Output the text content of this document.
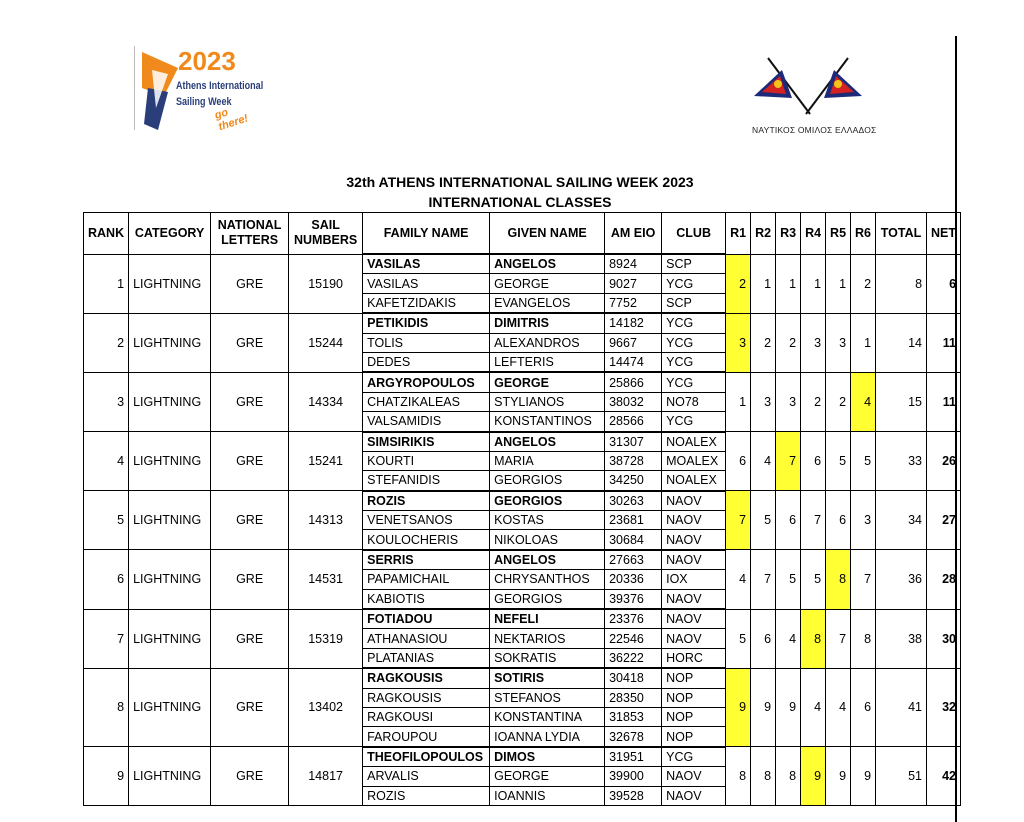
2023
Athens International
Sailing Week
go there!	ΝΑΥΤΙΚΟΣ ΟΜΙΛΟΣ ΕΛΛΑΔΟΣ
32th ATHENS INTERNATIONAL SAILING WEEK 2023
INTERNATIONAL CLASSES
RANK	CATEGORY	NATIONAL LETTERS	SAIL NUMBERS	FAMILY NAME	GIVEN NAME	AM EIO	CLUB	R1	R2	R3	R4	R5	R6	TOTAL	NET
1	LIGHTNING	GRE	15190	VASILAS	ANGELOS	8924	SCP	2	1	1	1	1	2	8	6
				VASILAS	GEORGE	9027	YCG								
				KAFETZIDAKIS	EVANGELOS	7752	SCP								
2	LIGHTNING	GRE	15244	PETIKIDIS	DIMITRIS	14182	YCG	3	2	2	3	3	1	14	11
				TOLIS	ALEXANDROS	9667	YCG								
				DEDES	LEFTERIS	14474	YCG								
3	LIGHTNING	GRE	14334	ARGYROPOULOS	GEORGE	25866	YCG	1	3	3	2	2	4	15	11
				CHATZIKALEAS	STYLIANOS	38032	NO78								
				VALSAMIDIS	KONSTANTINOS	28566	YCG								
4	LIGHTNING	GRE	15241	SIMSIRIKIS	ANGELOS	31307	NOALEX	6	4	7	6	5	5	33	26
				KOURTI	MARIA	38728	MOALEX								
				STEFANIDIS	GEORGIOS	34250	NOALEX								
5	LIGHTNING	GRE	14313	ROZIS	GEORGIOS	30263	NAOV	7	5	6	7	6	3	34	27
				VENETSANOS	KOSTAS	23681	NAOV								
				KOULOCHERIS	NIKOLOAS	30684	NAOV								
6	LIGHTNING	GRE	14531	SERRIS	ANGELOS	27663	NAOV	4	7	5	5	8	7	36	28
				PAPAMICHAIL	CHRYSANTHOS	20336	IOX								
				KABIOTIS	GEORGIOS	39376	NAOV								
7	LIGHTNING	GRE	15319	FOTIADOU	NEFELI	23376	NAOV	5	6	4	8	7	8	38	30
				ATHANASIOU	NEKTARIOS	22546	NAOV								
				PLATANIAS	SOKRATIS	36222	HORC								
8	LIGHTNING	GRE	13402	RAGKOUSIS	SOTIRIS	30418	NOP	9	9	9	4	4	6	41	32
				RAGKOUSIS	STEFANOS	28350	NOP								
				RAGKOUSI	KONSTANTINA	31853	NOP								
				FAROUPOU	IOANNA LYDIA	32678	NOP								
9	LIGHTNING	GRE	14817	THEOFILOPOULOS	DIMOS	31951	YCG	8	8	8	9	9	9	51	42
				ARVALIS	GEORGE	39900	NAOV								
				ROZIS	IOANNIS	39528	NAOV								
